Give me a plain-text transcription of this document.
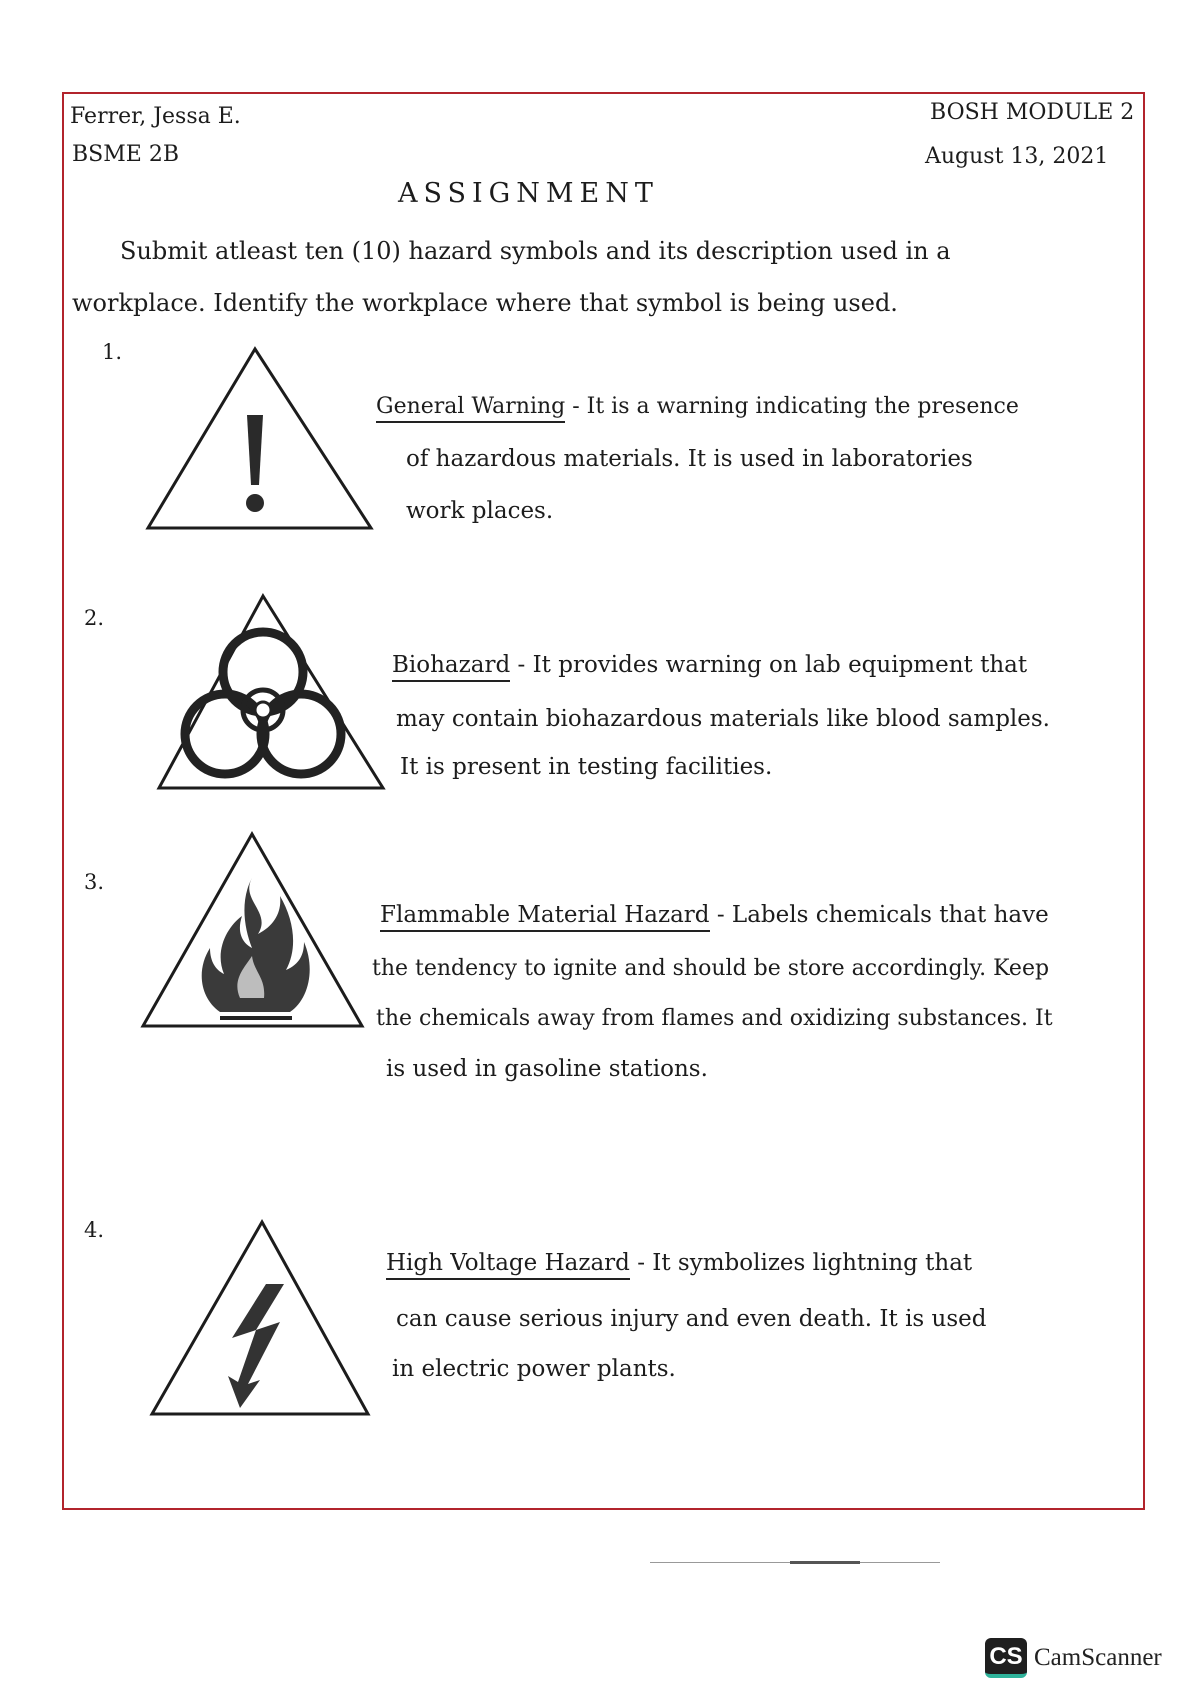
Ferrer, Jessa E.
BSME 2B
BOSH MODULE 2
August 13, 2021
ASSIGNMENT
Submit atleast ten (10) hazard symbols and its description used in a
workplace. Identify the workplace where that symbol is being used.
1.
General Warning - It is a warning indicating the presence
of hazardous materials. It is used in laboratories
work places.
2.
Biohazard - It provides warning on lab equipment that
may contain biohazardous materials like blood samples.
It is present in testing facilities.
3.
Flammable Material Hazard - Labels chemicals that have
the tendency to ignite and should be store accordingly. Keep
the chemicals away from flames and oxidizing substances. It
is used in gasoline stations.
4.
High Voltage Hazard - It symbolizes lightning that
can cause serious injury and even death. It is used
in electric power plants.
CS CamScanner
